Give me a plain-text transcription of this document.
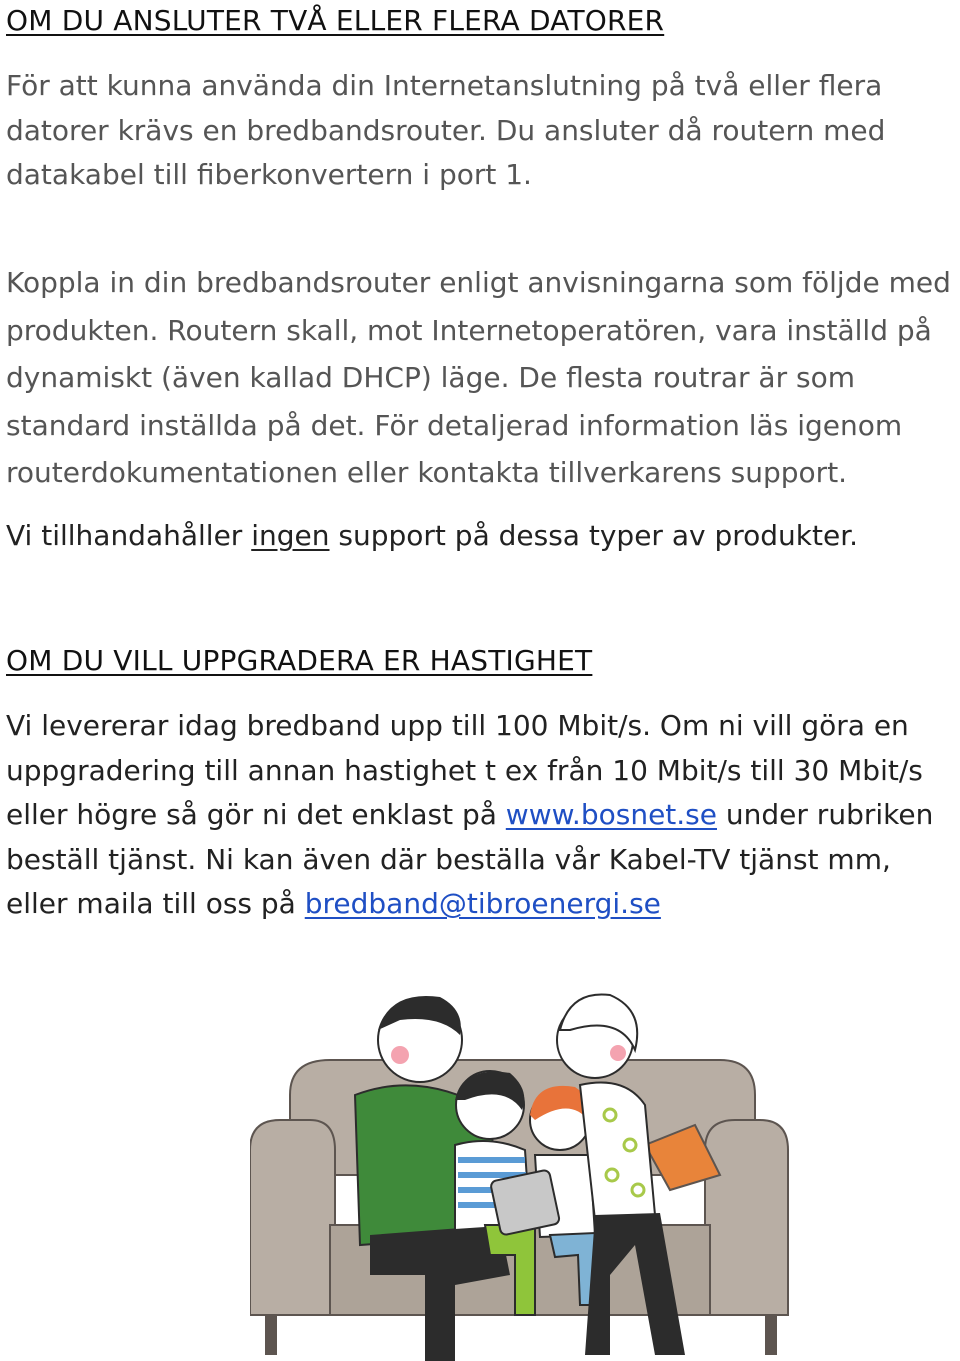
OM DU ANSLUTER TVÅ ELLER FLERA DATORER

För att kunna använda din Internetanslutning på två eller flera datorer krävs en bredbandsrouter. Du ansluter då routern med datakabel till fiberkonvertern i port 1.

Koppla in din bredbandsrouter enligt anvisningarna som följde med produkten. Routern skall, mot Internetoperatören, vara inställd på dynamiskt (även kallad DHCP) läge. De flesta routrar är som standard inställda på det. För detaljerad information läs igenom routerdokumentationen eller kontakta tillverkarens support.

Vi tillhandahåller ingen support på dessa typer av produkter.

OM DU VILL UPPGRADERA ER HASTIGHET

Vi levererar idag bredband upp till 100 Mbit/s. Om ni vill göra en uppgradering till annan hastighet t ex från 10 Mbit/s till 30 Mbit/s eller högre så gör ni det enklast på www.bosnet.se under rubriken beställ tjänst. Ni kan även där beställa vår Kabel-TV tjänst mm, eller maila till oss på bredband@tibroenergi.se
